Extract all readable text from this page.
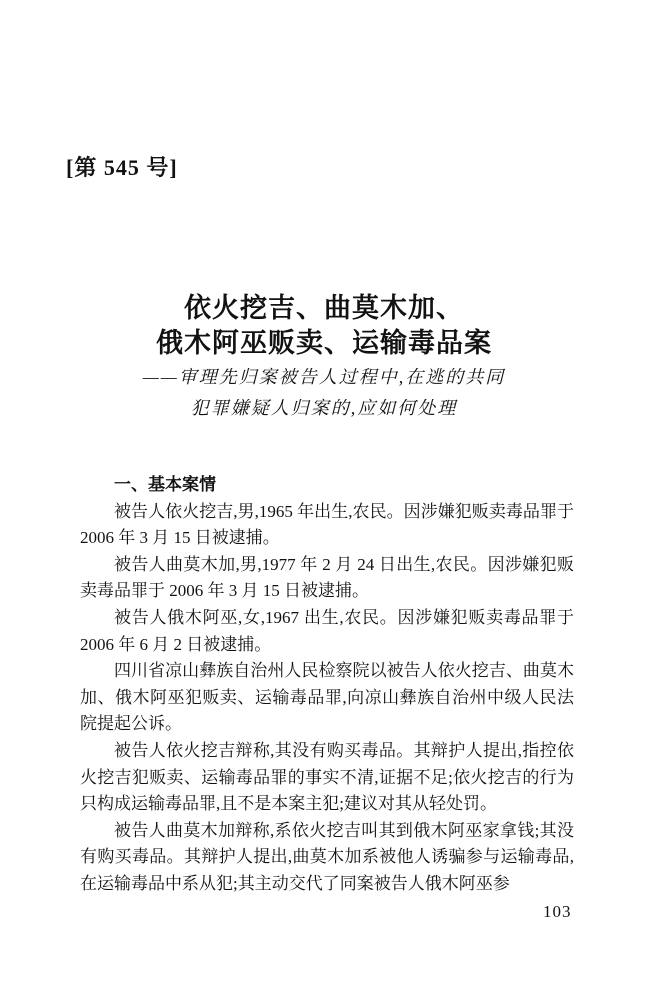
[第 545 号]
依火挖吉、曲莫木加、
俄木阿巫贩卖、运输毒品案
——审理先归案被告人过程中,在逃的共同
犯罪嫌疑人归案的,应如何处理
一、基本案情

被告人依火挖吉,男,1965 年出生,农民。因涉嫌犯贩卖毒品罪于 2006 年 3 月 15 日被逮捕。

被告人曲莫木加,男,1977 年 2 月 24 日出生,农民。因涉嫌犯贩卖毒品罪于 2006 年 3 月 15 日被逮捕。

被告人俄木阿巫,女,1967 出生,农民。因涉嫌犯贩卖毒品罪于 2006 年 6 月 2 日被逮捕。

四川省凉山彝族自治州人民检察院以被告人依火挖吉、曲莫木加、俄木阿巫犯贩卖、运输毒品罪,向凉山彝族自治州中级人民法院提起公诉。

被告人依火挖吉辩称,其没有购买毒品。其辩护人提出,指控依火挖吉犯贩卖、运输毒品罪的事实不清,证据不足;依火挖吉的行为只构成运输毒品罪,且不是本案主犯;建议对其从轻处罚。

被告人曲莫木加辩称,系依火挖吉叫其到俄木阿巫家拿钱;其没有购买毒品。其辩护人提出,曲莫木加系被他人诱骗参与运输毒品,在运输毒品中系从犯;其主动交代了同案被告人俄木阿巫参

103
